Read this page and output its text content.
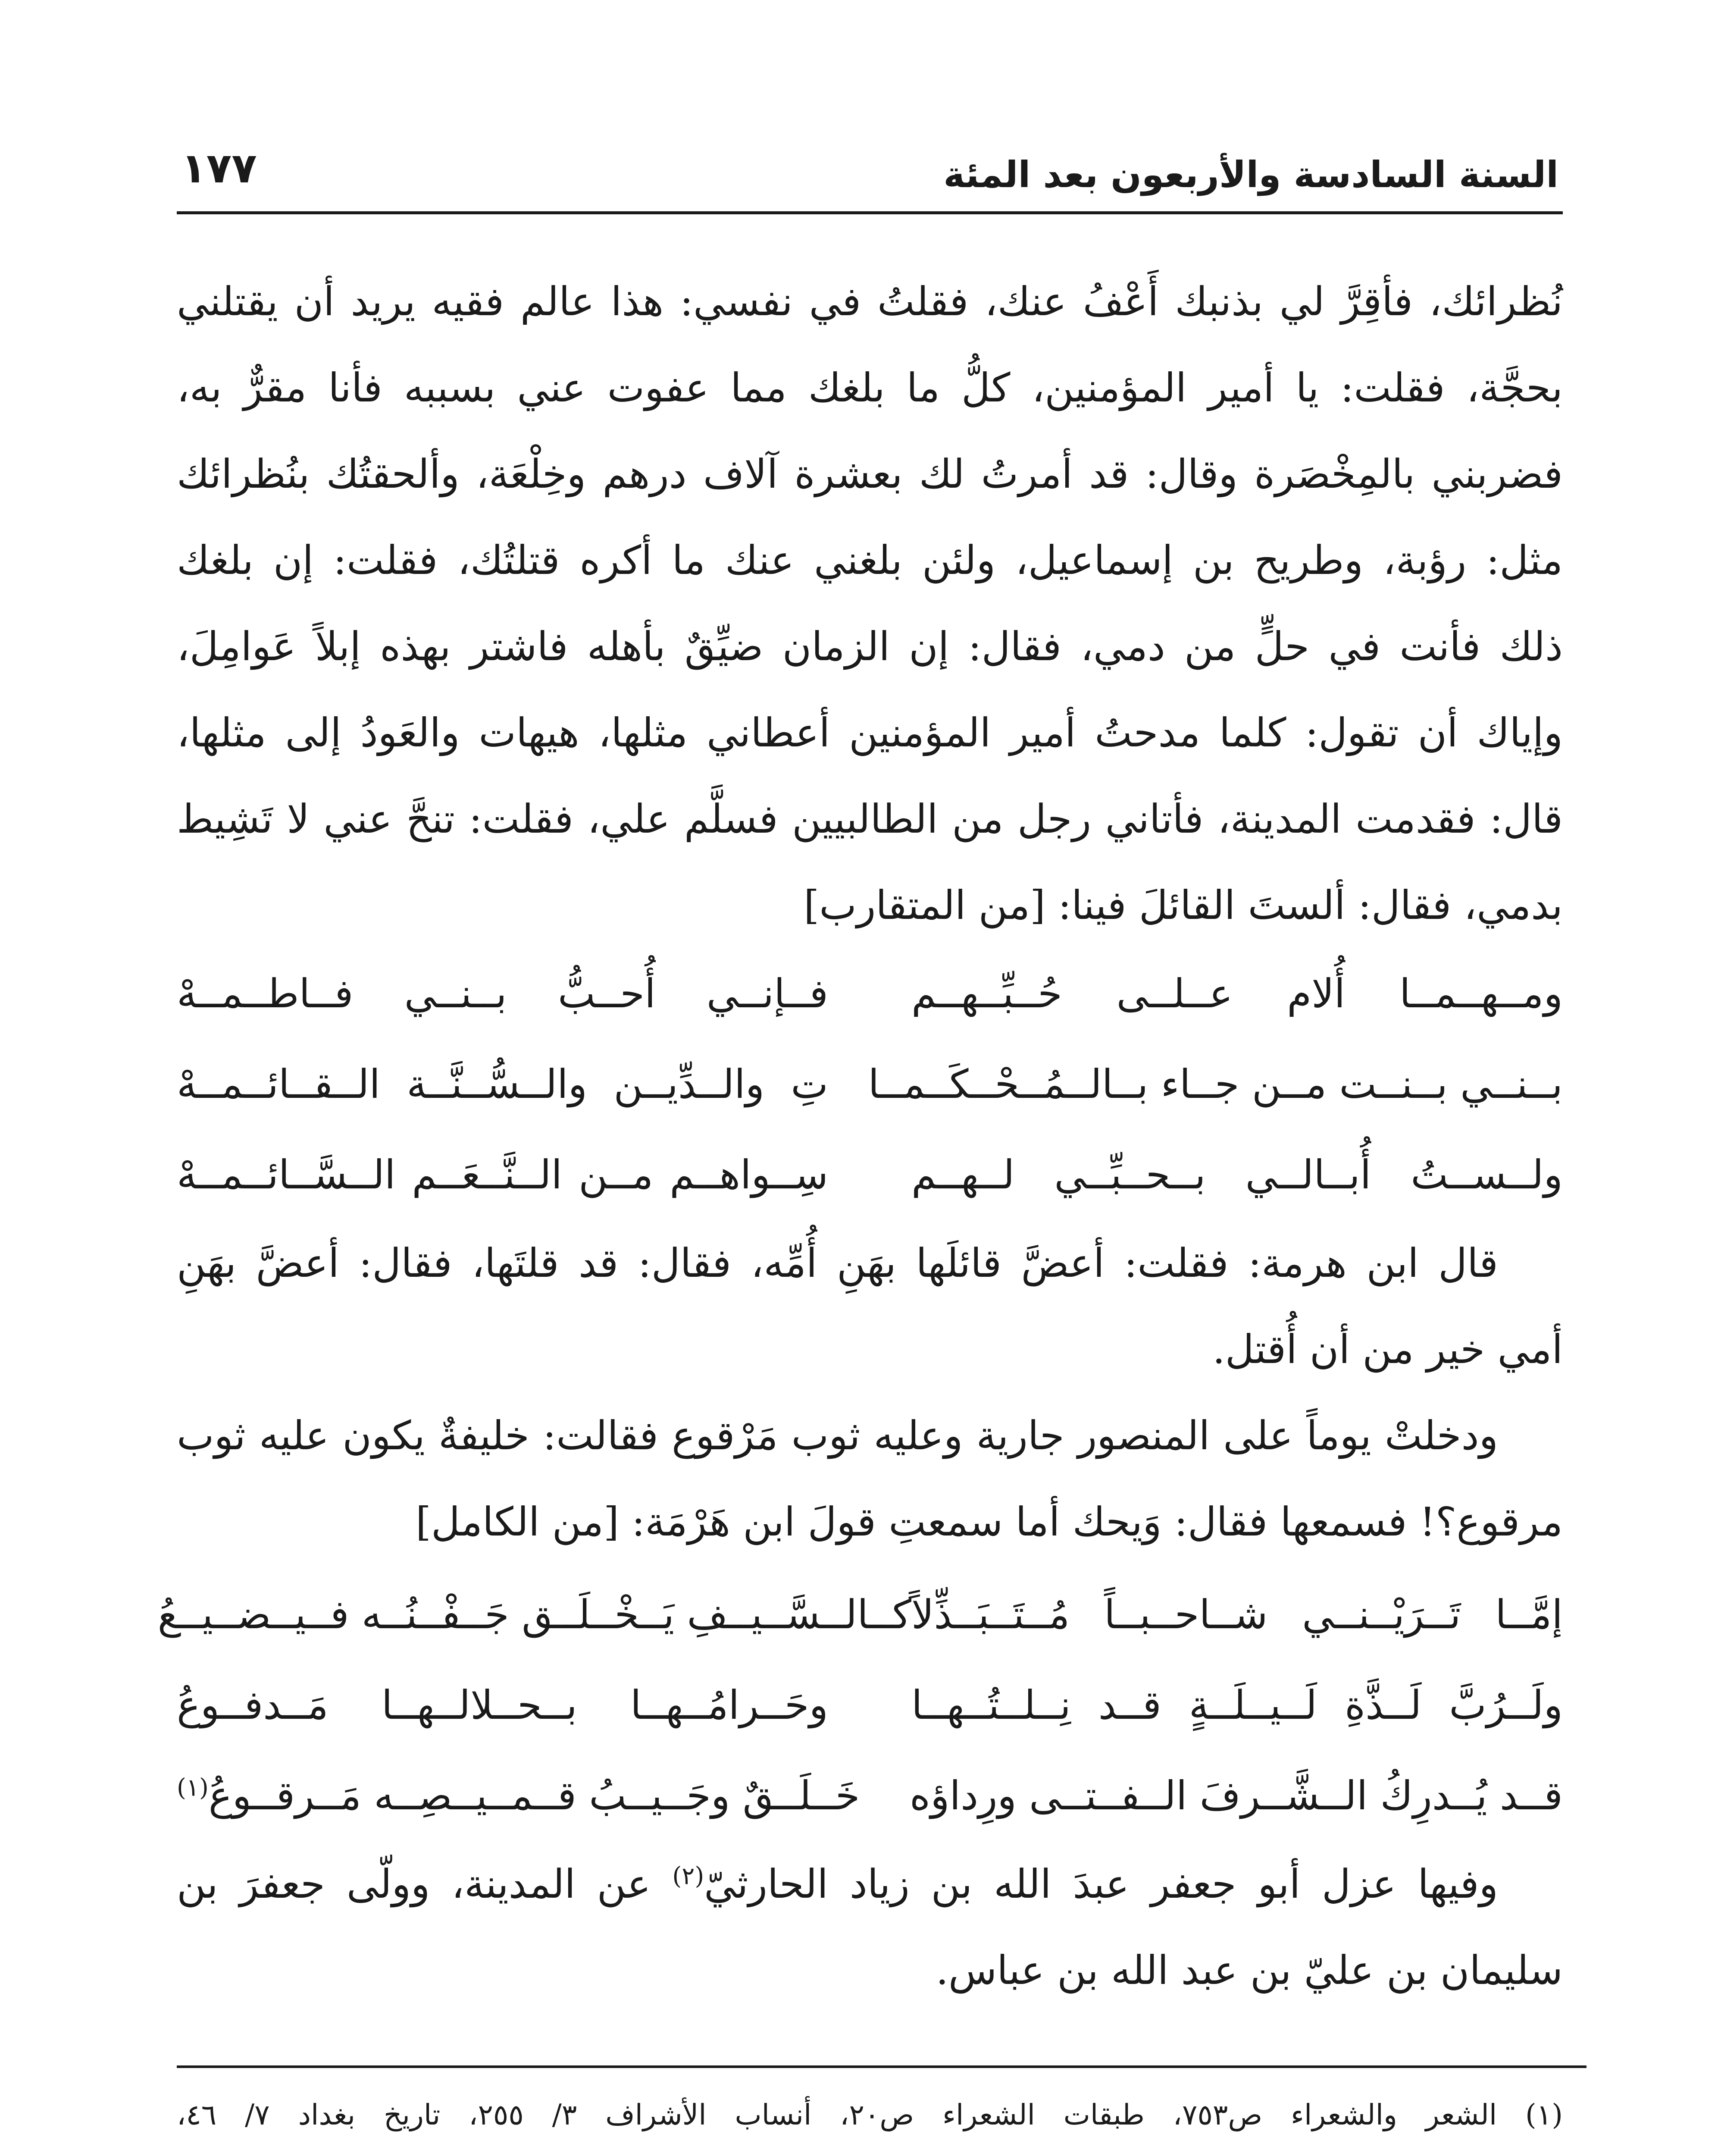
السنة السادسة والأربعون بعد المئة
١٧٧
نُظرائك، فأقِرَّ لي بذنبك أَعْفُ عنك، فقلتُ في نفسي: هذا عالم فقيه يريد أن يقتلني
بحجَّة، فقلت: يا أمير المؤمنين، كلُّ ما بلغك مما عفوت عني بسببه فأنا مقرٌّ به،
فضربني بالمِخْصَرة وقال: قد أمرتُ لك بعشرة آلاف درهم وخِلْعَة، وألحقتُك بنُظرائك
مثل: رؤبة، وطريح بن إسماعيل، ولئن بلغني عنك ما أكره قتلتُك، فقلت: إن بلغك
ذلك فأنت في حلٍّ من دمي، فقال: إن الزمان ضيِّقٌ بأهله فاشتر بهذه إبلاً عَوامِلَ،
وإياك أن تقول: كلما مدحتُ أمير المؤمنين أعطاني مثلها، هيهات والعَودُ إلى مثلها،
قال: فقدمت المدينة، فأتاني رجل من الطالبيين فسلَّم علي، فقلت: تنحَّ عني لا تَشِيط
بدمي، فقال: ألستَ القائلَ فينا: [من المتقارب]
ومــهــمــا أُلام عــلــى حُــبِّــهــم
فــإنــي أُحــبُّ بــنــي فــاطــمــهْ
بــنــي بــنــت مــن جــاء بــالــمُــحْــكَــمــا
تِ والــدِّيــن والــسُّــنَّــة الــقــائــمــهْ
ولــســتُ أُبــالــي بــحــبِّــي لــهــم
سِــواهــم مــن الــنَّــعَــم الــسَّــائــمــهْ
قال ابن هرمة: فقلت: أعضَّ قائلَها بهَنِ أُمِّه، فقال: قد قلتَها، فقال: أعضَّ بهَنِ
أمي خير من أن أُقتل.
ودخلتْ يوماً على المنصور جارية وعليه ثوب مَرْقوع فقالت: خليفةٌ يكون عليه ثوب
مرقوع؟! فسمعها فقال: وَيحك أما سمعتِ قولَ ابن هَرْمَة: [من الكامل]
إمَّــا تَــرَيْــنــي شــاحــبــاً مُــتَــبَــذِّلاً
كــالــسَّــيــفِ يَــخْــلَــق جَــفْــنُــه فــيــضــيــعُ
ولَــرُبَّ لَــذَّةِ لَــيــلَــةٍ قــد نِــلــتُــهــا
وحَــرامُــهــا بــحــلالــهــا مَــدفــوعُ
قــد يُــدرِكُ الــشَّــرفَ الــفــتــى ورِداؤه
خَــلَــقٌ وجَــيــبُ قــمــيــصِــه مَــرقــوعُ$^{(١)}$
وفيها عزل أبو جعفر عبدَ الله بن زياد الحارثيّ$^{(٢)}$ عن المدينة، وولّى جعفرَ بن
سليمان بن عليّ بن عبد الله بن عباس.
(١) الشعر والشعراء ص٧٥٣، طبقات الشعراء ص٢٠، أنساب الأشراف ٣/ ٢٥٥، تاريخ بغداد ٧/ ٤٦،
